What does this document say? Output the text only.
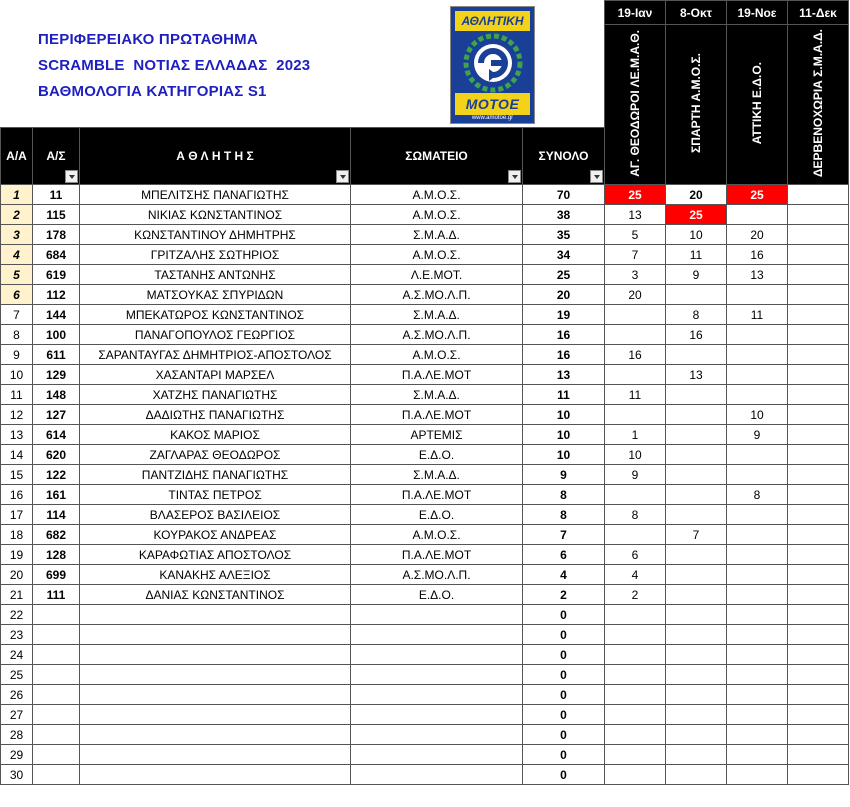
					19-Ιαν	8-Οκτ	19-Νοε	11-Δεκ
					ΑΓ. ΘΕΟΔΩΡΟΙ ΛΕ.Μ.Α.Θ.	ΣΠΑΡΤΗ Α.Μ.Ο.Σ.	ΑΤΤΙΚΗ Ε.Δ.Ο.	ΔΕΡΒΕΝΟΧΩΡΙΑ Σ.Μ.Α.Δ.
Α/Α	Α/Σ	Α Θ Λ Η Τ Η Σ	ΣΩΜΑΤΕΙΟ	ΣΥΝΟΛΟ				

1	11	ΜΠΕΛΙΤΣΗΣ ΠΑΝΑΓΙΩΤΗΣ	Α.Μ.Ο.Σ.	70	25	20	25	
2	115	ΝΙΚΙΑΣ ΚΩΝΣΤΑΝΤΙΝΟΣ	Α.Μ.Ο.Σ.	38	13	25		
3	178	ΚΩΝΣΤΑΝΤΙΝΟΥ ΔΗΜΗΤΡΗΣ	Σ.Μ.Α.Δ.	35	5	10	20	
4	684	ΓΡΙΤΖΑΛΗΣ ΣΩΤΗΡΙΟΣ	Α.Μ.Ο.Σ.	34	7	11	16	
5	619	ΤΑΣΤΑΝΗΣ ΑΝΤΩΝΗΣ	Λ.Ε.ΜΟΤ.	25	3	9	13	
6	112	ΜΑΤΣΟΥΚΑΣ ΣΠΥΡΙΔΩΝ	Α.Σ.ΜΟ.Λ.Π.	20	20			
7	144	ΜΠΕΚΑΤΩΡΟΣ ΚΩΝΣΤΑΝΤΙΝΟΣ	Σ.Μ.Α.Δ.	19		8	11	
8	100	ΠΑΝΑΓΟΠΟΥΛΟΣ ΓΕΩΡΓΙΟΣ	Α.Σ.ΜΟ.Λ.Π.	16		16		
9	611	ΣΑΡΑΝΤΑΥΓΑΣ ΔΗΜΗΤΡΙΟΣ-ΑΠΟΣΤΟΛΟΣ	Α.Μ.Ο.Σ.	16	16			
10	129	ΧΑΣΑΝΤΑΡΙ ΜΑΡΣΕΛ	Π.Α.ΛΕ.ΜΟΤ	13		13		
11	148	ΧΑΤΖΗΣ ΠΑΝΑΓΙΩΤΗΣ	Σ.Μ.Α.Δ.	11	11			
12	127	ΔΑΔΙΩΤΗΣ ΠΑΝΑΓΙΩΤΗΣ	Π.Α.ΛΕ.ΜΟΤ	10			10	
13	614	ΚΑΚΟΣ ΜΑΡΙΟΣ	ΑΡΤΕΜΙΣ	10	1		9	
14	620	ΖΑΓΛΑΡΑΣ ΘΕΟΔΩΡΟΣ	Ε.Δ.Ο.	10	10			
15	122	ΠΑΝΤΖΙΔΗΣ ΠΑΝΑΓΙΩΤΗΣ	Σ.Μ.Α.Δ.	9	9			
16	161	ΤΙΝΤΑΣ ΠΕΤΡΟΣ	Π.Α.ΛΕ.ΜΟΤ	8			8	
17	114	ΒΛΑΣΕΡΟΣ ΒΑΣΙΛΕΙΟΣ	Ε.Δ.Ο.	8	8			
18	682	ΚΟΥΡΑΚΟΣ ΑΝΔΡΕΑΣ	Α.Μ.Ο.Σ.	7		7		
19	128	ΚΑΡΑΦΩΤΙΑΣ ΑΠΟΣΤΟΛΟΣ	Π.Α.ΛΕ.ΜΟΤ	6	6			
20	699	ΚΑΝΑΚΗΣ ΑΛΕΞΙΟΣ	Α.Σ.ΜΟ.Λ.Π.	4	4			
21	111	ΔΑΝΙΑΣ ΚΩΝΣΤΑΝΤΙΝΟΣ	Ε.Δ.Ο.	2	2			
22				0				
23				0				
24				0				
25				0				
26				0				
27				0				
28				0				
29				0				
30				0				
ΠΕΡΙΦΕΡΕΙΑΚΟ ΠΡΩΤΑΘΗΜΑ
SCRAMBLE  ΝΟΤΙΑΣ ΕΛΛΑΔΑΣ  2023
ΒΑΘΜΟΛΟΓΙΑ ΚΑΤΗΓΟΡΙΑΣ S1
ΑΘΛΗΤΙΚΗ
ΜΟΤΟΕ
www.amotoe.gr
